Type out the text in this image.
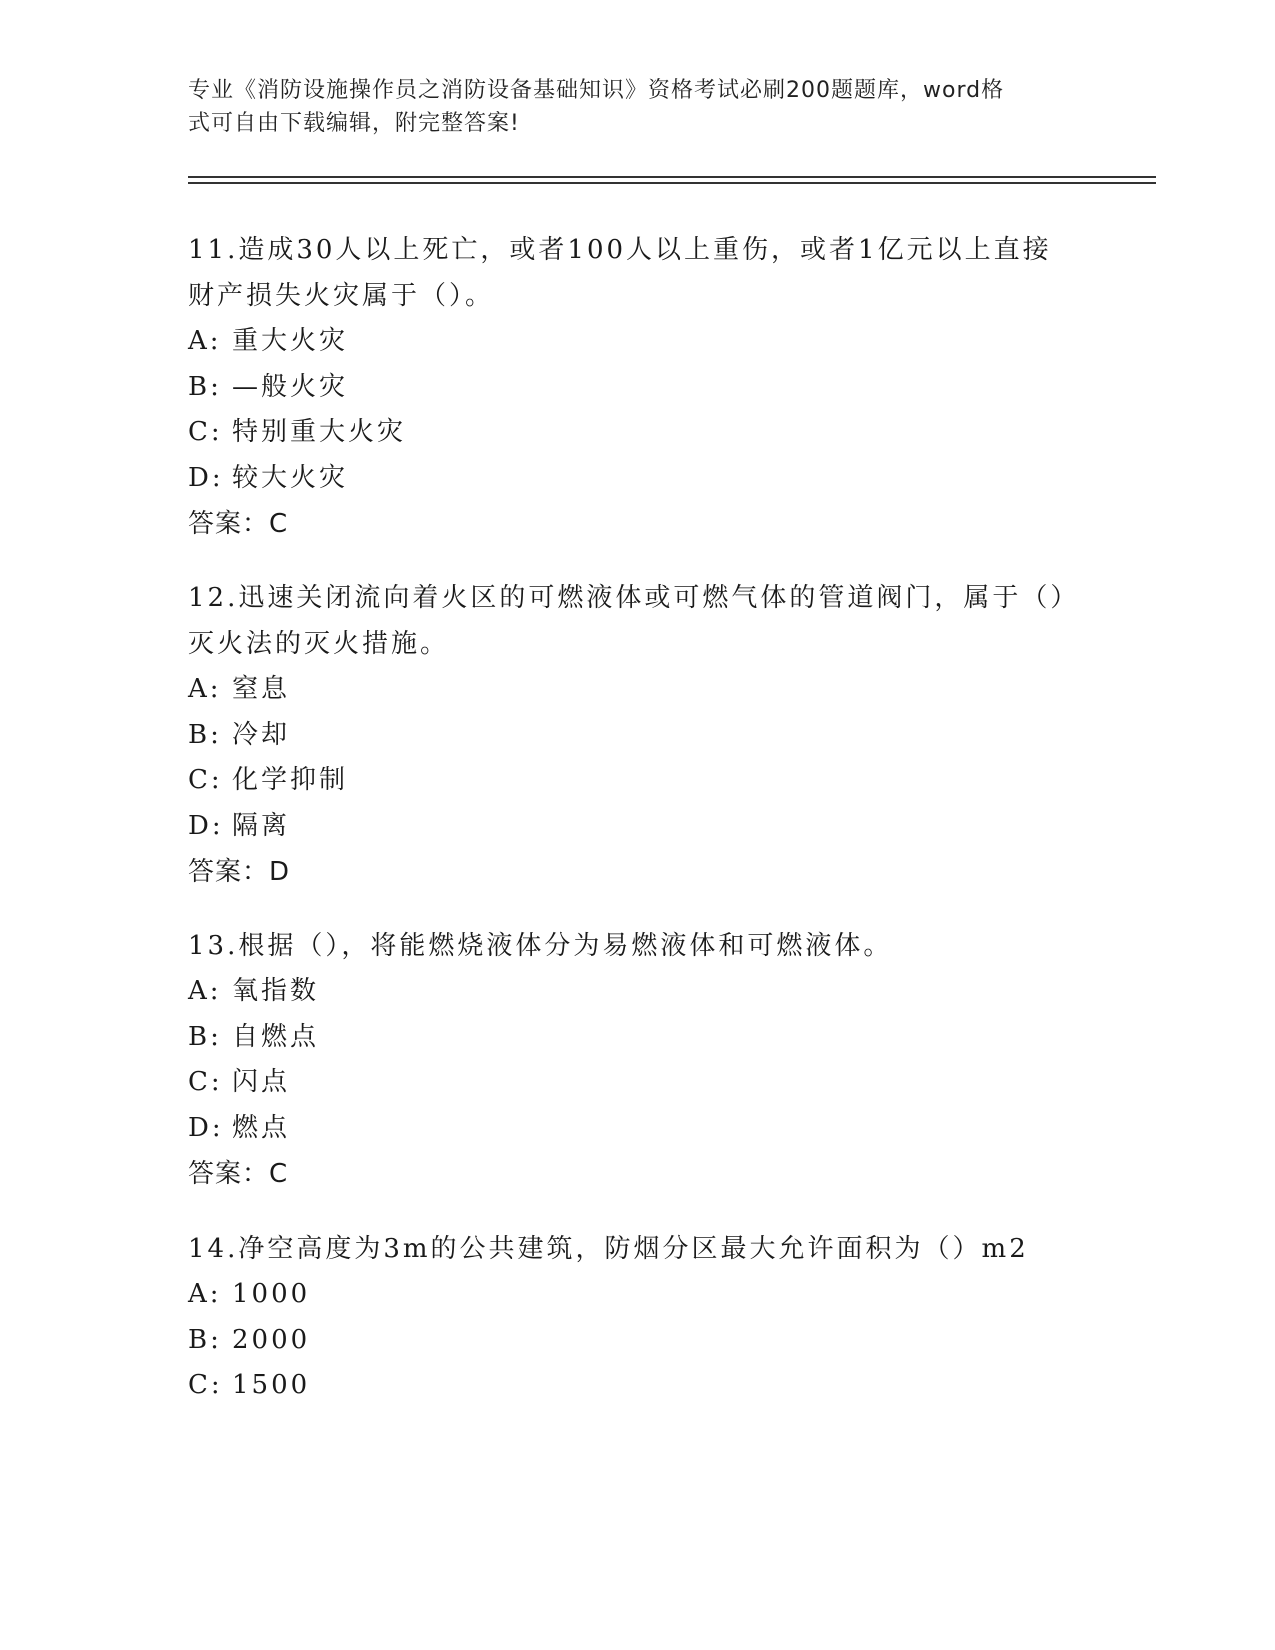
专业《消防设施操作员之消防设备基础知识》资格考试必刷200题题库，word格
式可自由下载编辑，附完整答案!

11.造成30人以上死亡，或者100人以上重伤，或者1亿元以上直接

财产损失火灾属于（）。

A: 重大火灾

B: —般火灾

C: 特别重大火灾

D: 较大火灾

答案：C

12.迅速关闭流向着火区的可燃液体或可燃气体的管道阀门，属于（）

灭火法的灭火措施。

A: 窒息

B: 冷却

C: 化学抑制

D: 隔离

答案：D

13.根据（），将能燃烧液体分为易燃液体和可燃液体。

A: 氧指数

B: 自燃点

C: 闪点

D: 燃点

答案：C

14.净空高度为3m的公共建筑，防烟分区最大允许面积为（）m2

A: 1000

B: 2000

C: 1500
